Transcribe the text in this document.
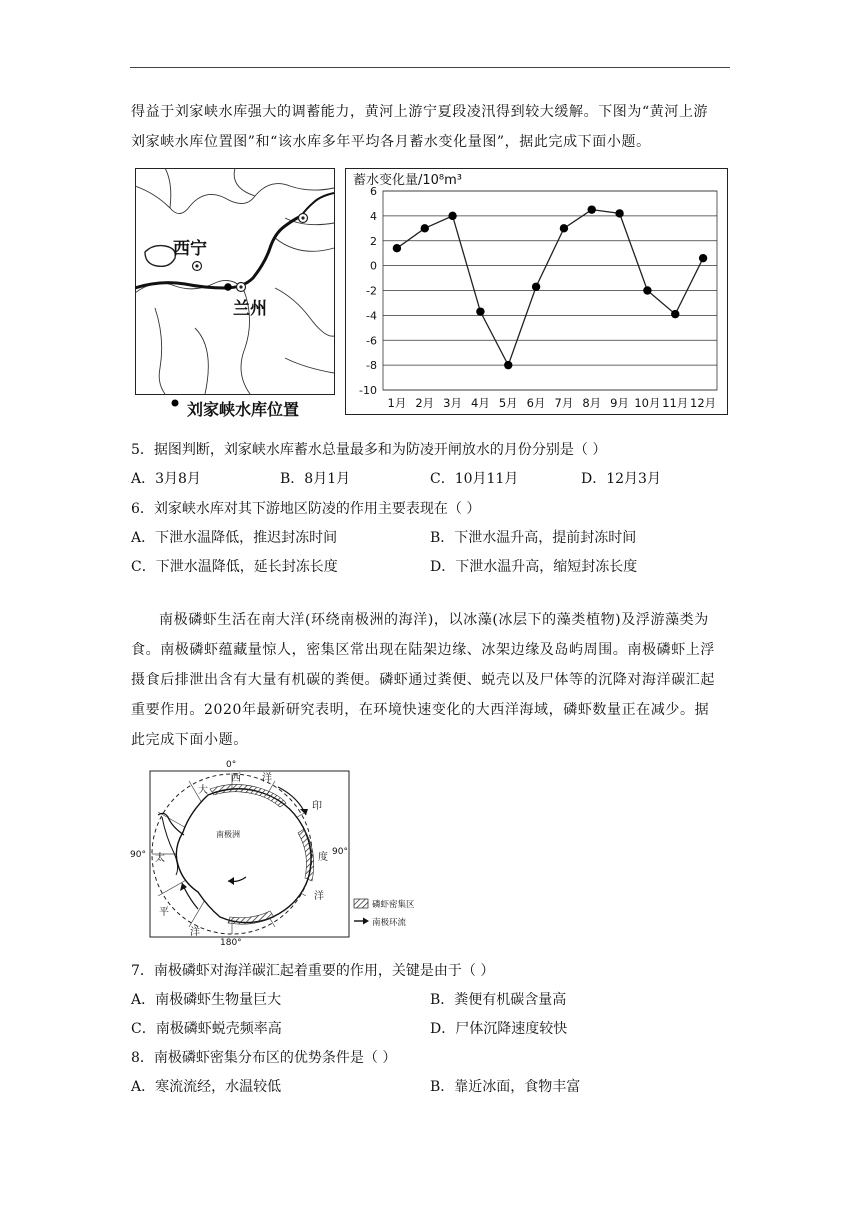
得益于刘家峡水库强大的调蓄能力，黄河上游宁夏段凌汛得到较大缓解。下图为“黄河上游
刘家峡水库位置图”和“该水库多年平均各月蓄水变化量图”，据此完成下面小题。
西宁
兰州
刘家峡水库位置
蓄水变化量/10⁸m³
6
4
2
0
-2
-4
-6
-8
-10
1月 2月 3月 4月 5月 6月 7月 8月 9月 10月 11月 12月
5．据图判断，刘家峡水库蓄水总量最多和为防凌开闸放水的月份分别是（ ）
A．3月8月	B．8月1月	C．10月11月	D．12月3月
6．刘家峡水库对其下游地区防凌的作用主要表现在（ ）
A．下泄水温降低，推迟封冻时间	B．下泄水温升高，提前封冻时间
C．下泄水温降低，延长封冻长度	D．下泄水温升高，缩短封冻长度
南极磷虾生活在南大洋(环绕南极洲的海洋)，以冰藻(冰层下的藻类植物)及浮游藻类为
食。南极磷虾蕴藏量惊人，密集区常出现在陆架边缘、冰架边缘及岛屿周围。南极磷虾上浮
摄食后排泄出含有大量有机碳的粪便。磷虾通过粪便、蜕壳以及尸体等的沉降对海洋碳汇起
重要作用。2020年最新研究表明，在环境快速变化的大西洋海域，磷虾数量正在减少。据
此完成下面小题。
0°
南极洲
90°	90°
180°
大
西 洋
印
度
洋
太
平
洋
磷虾密集区
南极环流
7．南极磷虾对海洋碳汇起着重要的作用，关键是由于（ ）
A．南极磷虾生物量巨大	B．粪便有机碳含量高
C．南极磷虾蜕壳频率高	D．尸体沉降速度较快
8．南极磷虾密集分布区的优势条件是（ ）
A．寒流流经，水温较低	B．靠近冰面，食物丰富
